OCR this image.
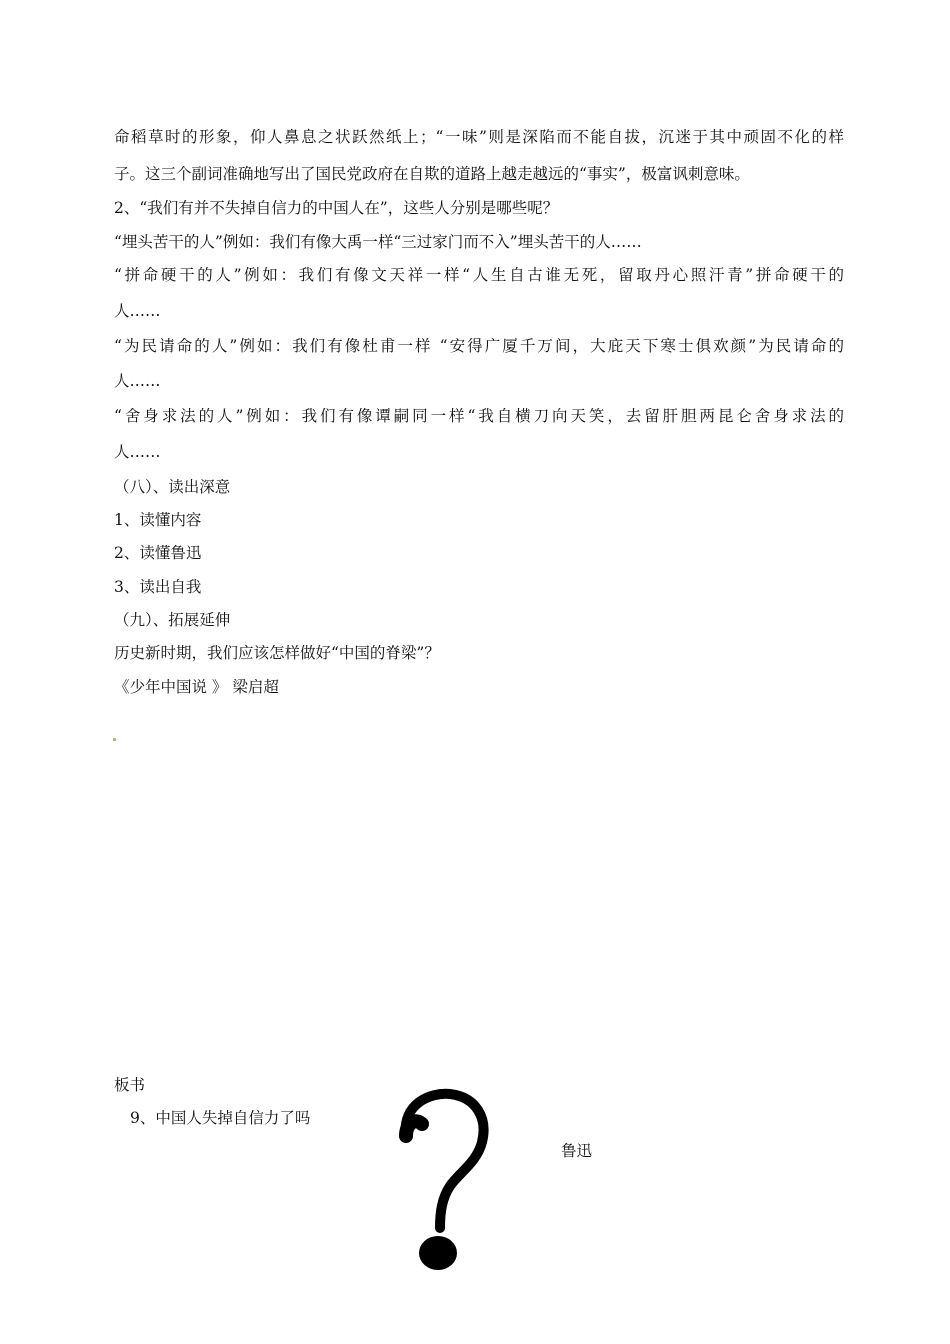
命稻草时的形象，仰人鼻息之状跃然纸上；“一味”则是深陷而不能自拔，沉迷于其中顽固不化的样
子。这三个副词准确地写出了国民党政府在自欺的道路上越走越远的“事实”，极富讽刺意味。
2、“我们有并不失掉自信力的中国人在”，这些人分别是哪些呢？
“埋头苦干的人”例如：我们有像大禹一样“三过家门而不入”埋头苦干的人……
“拼命硬干的人”例如：我们有像文天祥一样“人生自古谁无死，留取丹心照汗青”拼命硬干的
人……
“为民请命的人”例如：我们有像杜甫一样 “安得广厦千万间，大庇天下寒士俱欢颜”为民请命的
人……
“舍身求法的人”例如：我们有像谭嗣同一样“我自横刀向天笑，去留肝胆两昆仑舍身求法的
人……
（八）、读出深意
1、读懂内容
2、读懂鲁迅
3、读出自我
（九）、拓展延伸
历史新时期，我们应该怎样做好“中国的脊梁”？
《少年中国说 》 梁启超
板书
9、中国人失掉自信力了吗
鲁迅
